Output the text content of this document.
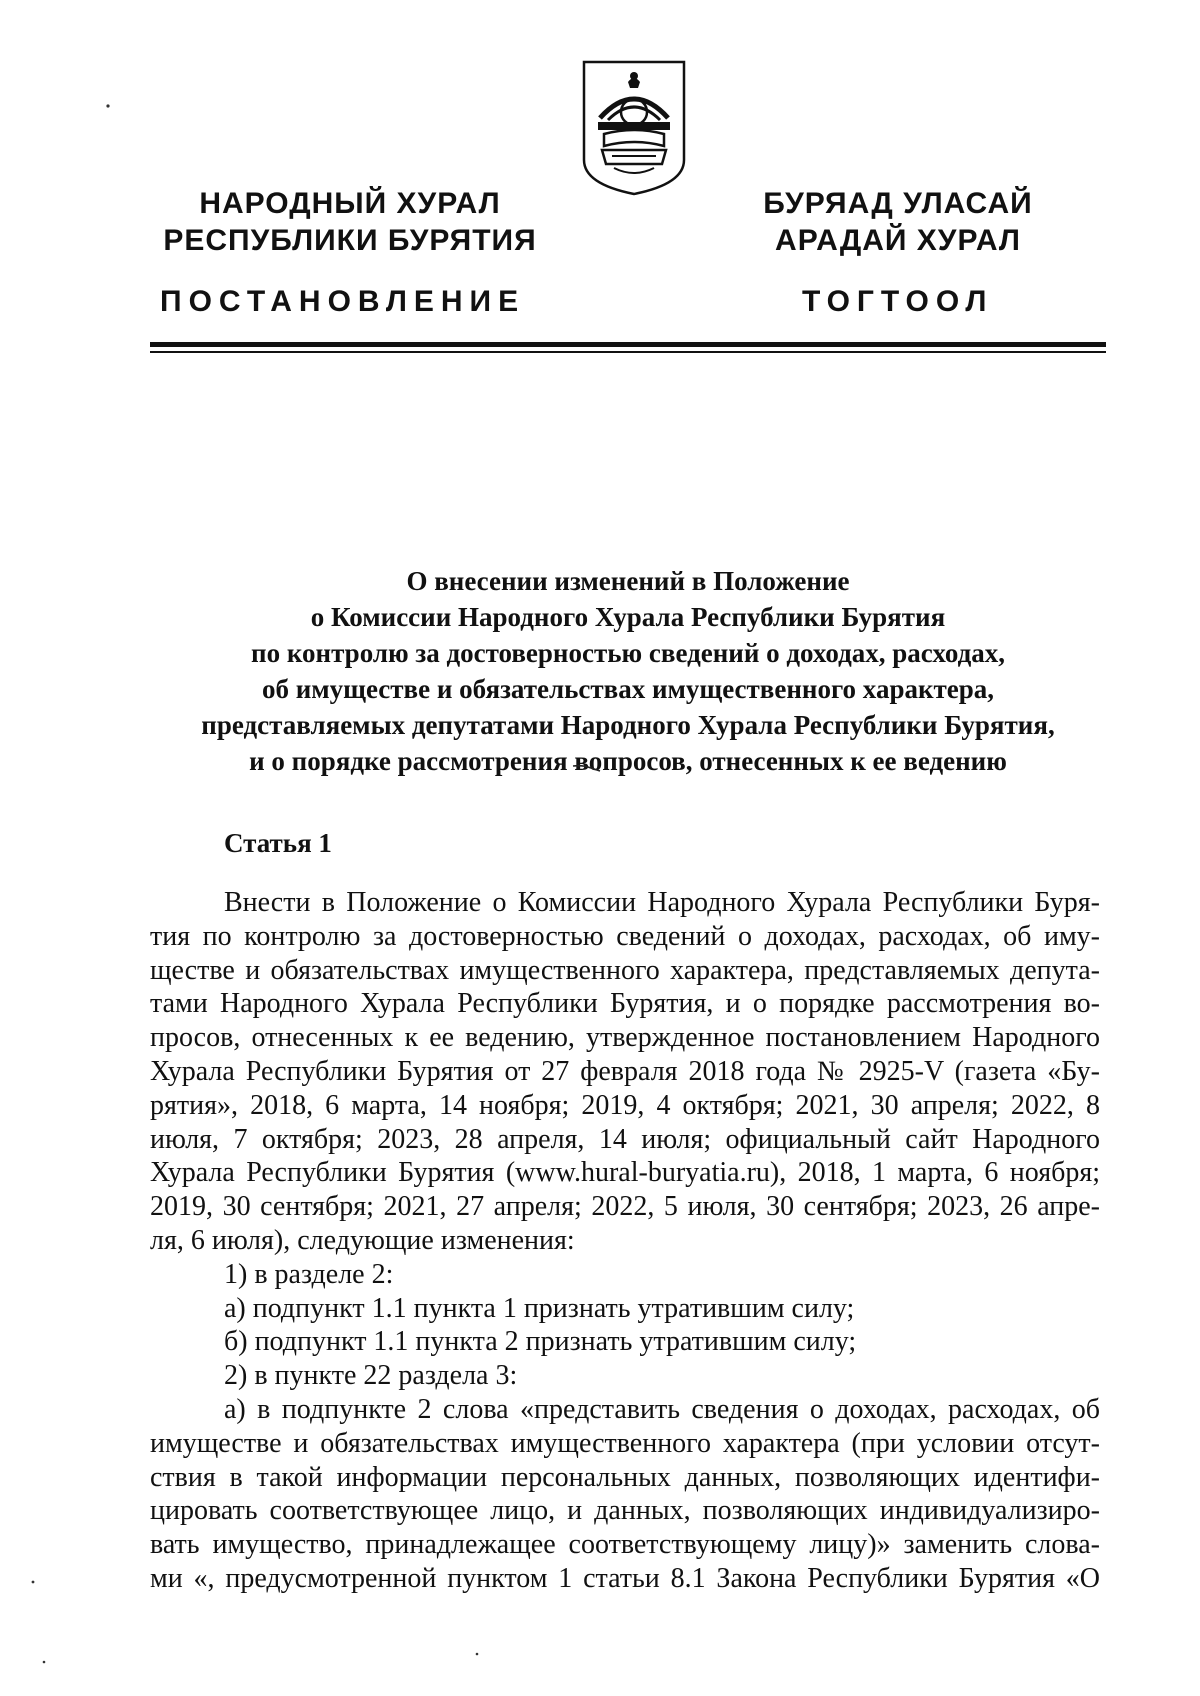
НАРОДНЫЙ ХУРАЛ
РЕСПУБЛИКИ БУРЯТИЯ
БУРЯАД УЛАСАЙ
АРАДАЙ ХУРАЛ
ПОСТАНОВЛЕНИЕ	ТОГТООЛ
О внесении изменений в Положение
о Комиссии Народного Хурала Республики Бурятия
по контролю за достоверностью сведений о доходах, расходах,
об имуществе и обязательствах имущественного характера,
представляемых депутатами Народного Хурала Республики Бурятия,
и о порядке рассмотрения вопросов, отнесенных к ее ведению
Статья 1
Внести в Положение о Комиссии Народного Хурала Республики Буря-
тия по контролю за достоверностью сведений о доходах, расходах, об иму-
ществе и обязательствах имущественного характера, представляемых депута-
тами Народного Хурала Республики Бурятия, и о порядке рассмотрения во-
просов, отнесенных к ее ведению, утвержденное постановлением Народного
Хурала Республики Бурятия от 27 февраля 2018 года № 2925-V (газета «Бу-
рятия», 2018, 6 марта, 14 ноября; 2019, 4 октября; 2021, 30 апреля; 2022, 8
июля, 7 октября; 2023, 28 апреля, 14 июля; официальный сайт Народного
Хурала Республики Бурятия (www.hural-buryatia.ru), 2018, 1 марта, 6 ноября;
2019, 30 сентября; 2021, 27 апреля; 2022, 5 июля, 30 сентября; 2023, 26 апре-
ля, 6 июля), следующие изменения:
1) в разделе 2:
а) подпункт 1.1 пункта 1 признать утратившим силу;
б) подпункт 1.1 пункта 2 признать утратившим силу;
2) в пункте 22 раздела 3:
а) в подпункте 2 слова «представить сведения о доходах, расходах, об
имуществе и обязательствах имущественного характера (при условии отсут-
ствия в такой информации персональных данных, позволяющих идентифи-
цировать соответствующее лицо, и данных, позволяющих индивидуализиро-
вать имущество, принадлежащее соответствующему лицу)» заменить слова-
ми «, предусмотренной пунктом 1 статьи 8.1 Закона Республики Бурятия «О
